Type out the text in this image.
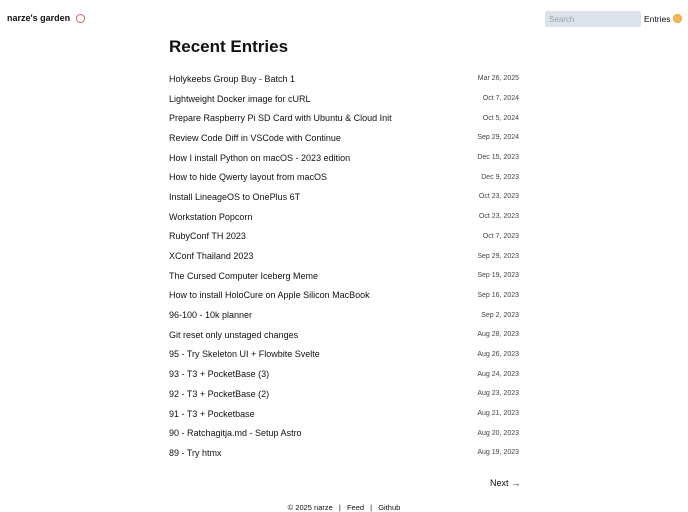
narze's garden
Search	Entries
Recent Entries
Holykeebs Group Buy - Batch 1	Mar 26, 2025
Lightweight Docker image for cURL	Oct 7, 2024
Prepare Raspberry Pi SD Card with Ubuntu & Cloud Init	Oct 5, 2024
Review Code Diff in VSCode with Continue	Sep 29, 2024
How I install Python on macOS - 2023 edition	Dec 15, 2023
How to hide Qwerty layout from macOS	Dec 9, 2023
Install LineageOS to OnePlus 6T	Oct 23, 2023
Workstation Popcorn	Oct 23, 2023
RubyConf TH 2023	Oct 7, 2023
XConf Thailand 2023	Sep 29, 2023
The Cursed Computer Iceberg Meme	Sep 19, 2023
How to install HoloCure on Apple Silicon MacBook	Sep 16, 2023
96-100 - 10k planner	Sep 2, 2023
Git reset only unstaged changes	Aug 28, 2023
95 - Try Skeleton UI + Flowbite Svelte	Aug 26, 2023
93 - T3 + PocketBase (3)	Aug 24, 2023
92 - T3 + PocketBase (2)	Aug 23, 2023
91 - T3 + Pocketbase	Aug 21, 2023
90 - Ratchagitja.md - Setup Astro	Aug 20, 2023
89 - Try htmx	Aug 19, 2023
Next →
© 2025 narze | Feed | Github
